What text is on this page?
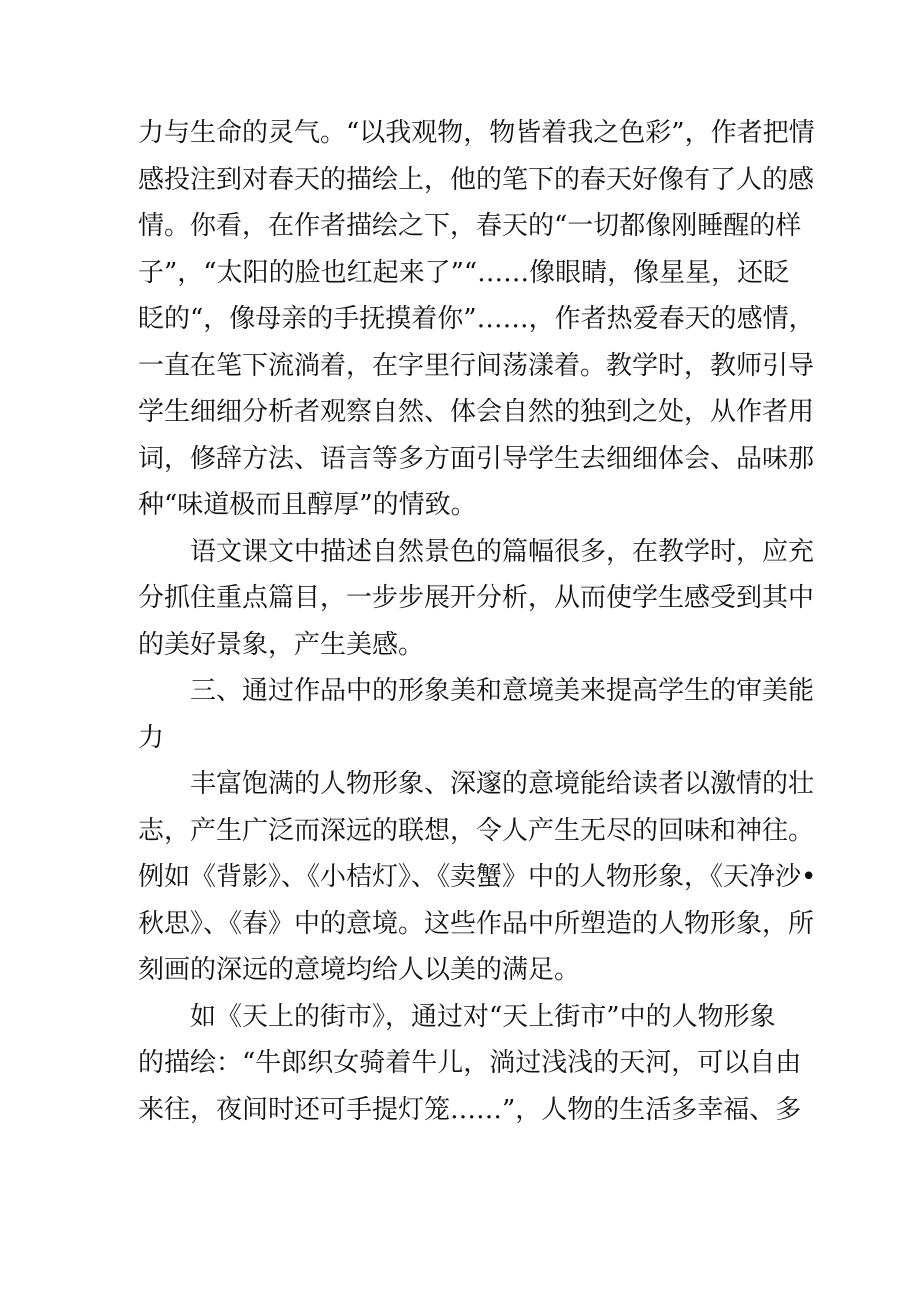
力与生命的灵气。“以我观物，物皆着我之色彩”，作者把情
感投注到对春天的描绘上，他的笔下的春天好像有了人的感
情。你看，在作者描绘之下，春天的“一切都像刚睡醒的样
子”，“太阳的脸也红起来了”“……像眼睛，像星星，还眨
眨的“，像母亲的手抚摸着你”……，作者热爱春天的感情，
一直在笔下流淌着，在字里行间荡漾着。教学时，教师引导
学生细细分析者观察自然、体会自然的独到之处，从作者用
词，修辞方法、语言等多方面引导学生去细细体会、品味那
种“味道极而且醇厚”的情致。
语文课文中描述自然景色的篇幅很多，在教学时，应充
分抓住重点篇目，一步步展开分析，从而使学生感受到其中
的美好景象，产生美感。
三、通过作品中的形象美和意境美来提高学生的审美能
力
丰富饱满的人物形象、深邃的意境能给读者以激情的壮
志，产生广泛而深远的联想，令人产生无尽的回味和神往。
例如《背影》、《小桔灯》、《卖蟹》中的人物形象，《天净沙•
秋思》、《春》中的意境。这些作品中所塑造的人物形象，所
刻画的深远的意境均给人以美的满足。
如《天上的街市》，通过对“天上街市”中的人物形象
的描绘：“牛郎织女骑着牛儿，淌过浅浅的天河，可以自由
来往，夜间时还可手提灯笼……”，人物的生活多幸福、多
